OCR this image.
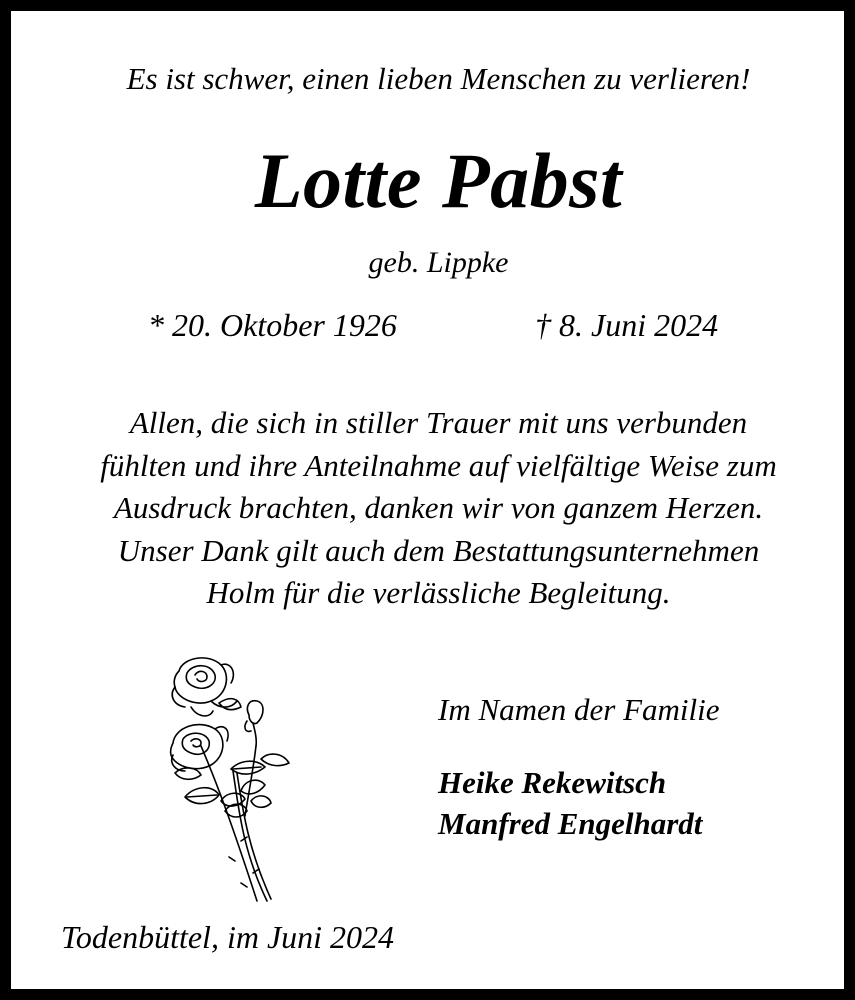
Es ist schwer, einen lieben Menschen zu verlieren!
Lotte Pabst
geb. Lippke
* 20. Oktober 1926	† 8. Juni 2024
Allen, die sich in stiller Trauer mit uns verbunden
fühlten und ihre Anteilnahme auf vielfältige Weise zum
Ausdruck brachten, danken wir von ganzem Herzen.
Unser Dank gilt auch dem Bestattungsunternehmen
Holm für die verlässliche Begleitung.
Im Namen der Familie
Heike Rekewitsch
Manfred Engelhardt
Todenbüttel, im Juni 2024
